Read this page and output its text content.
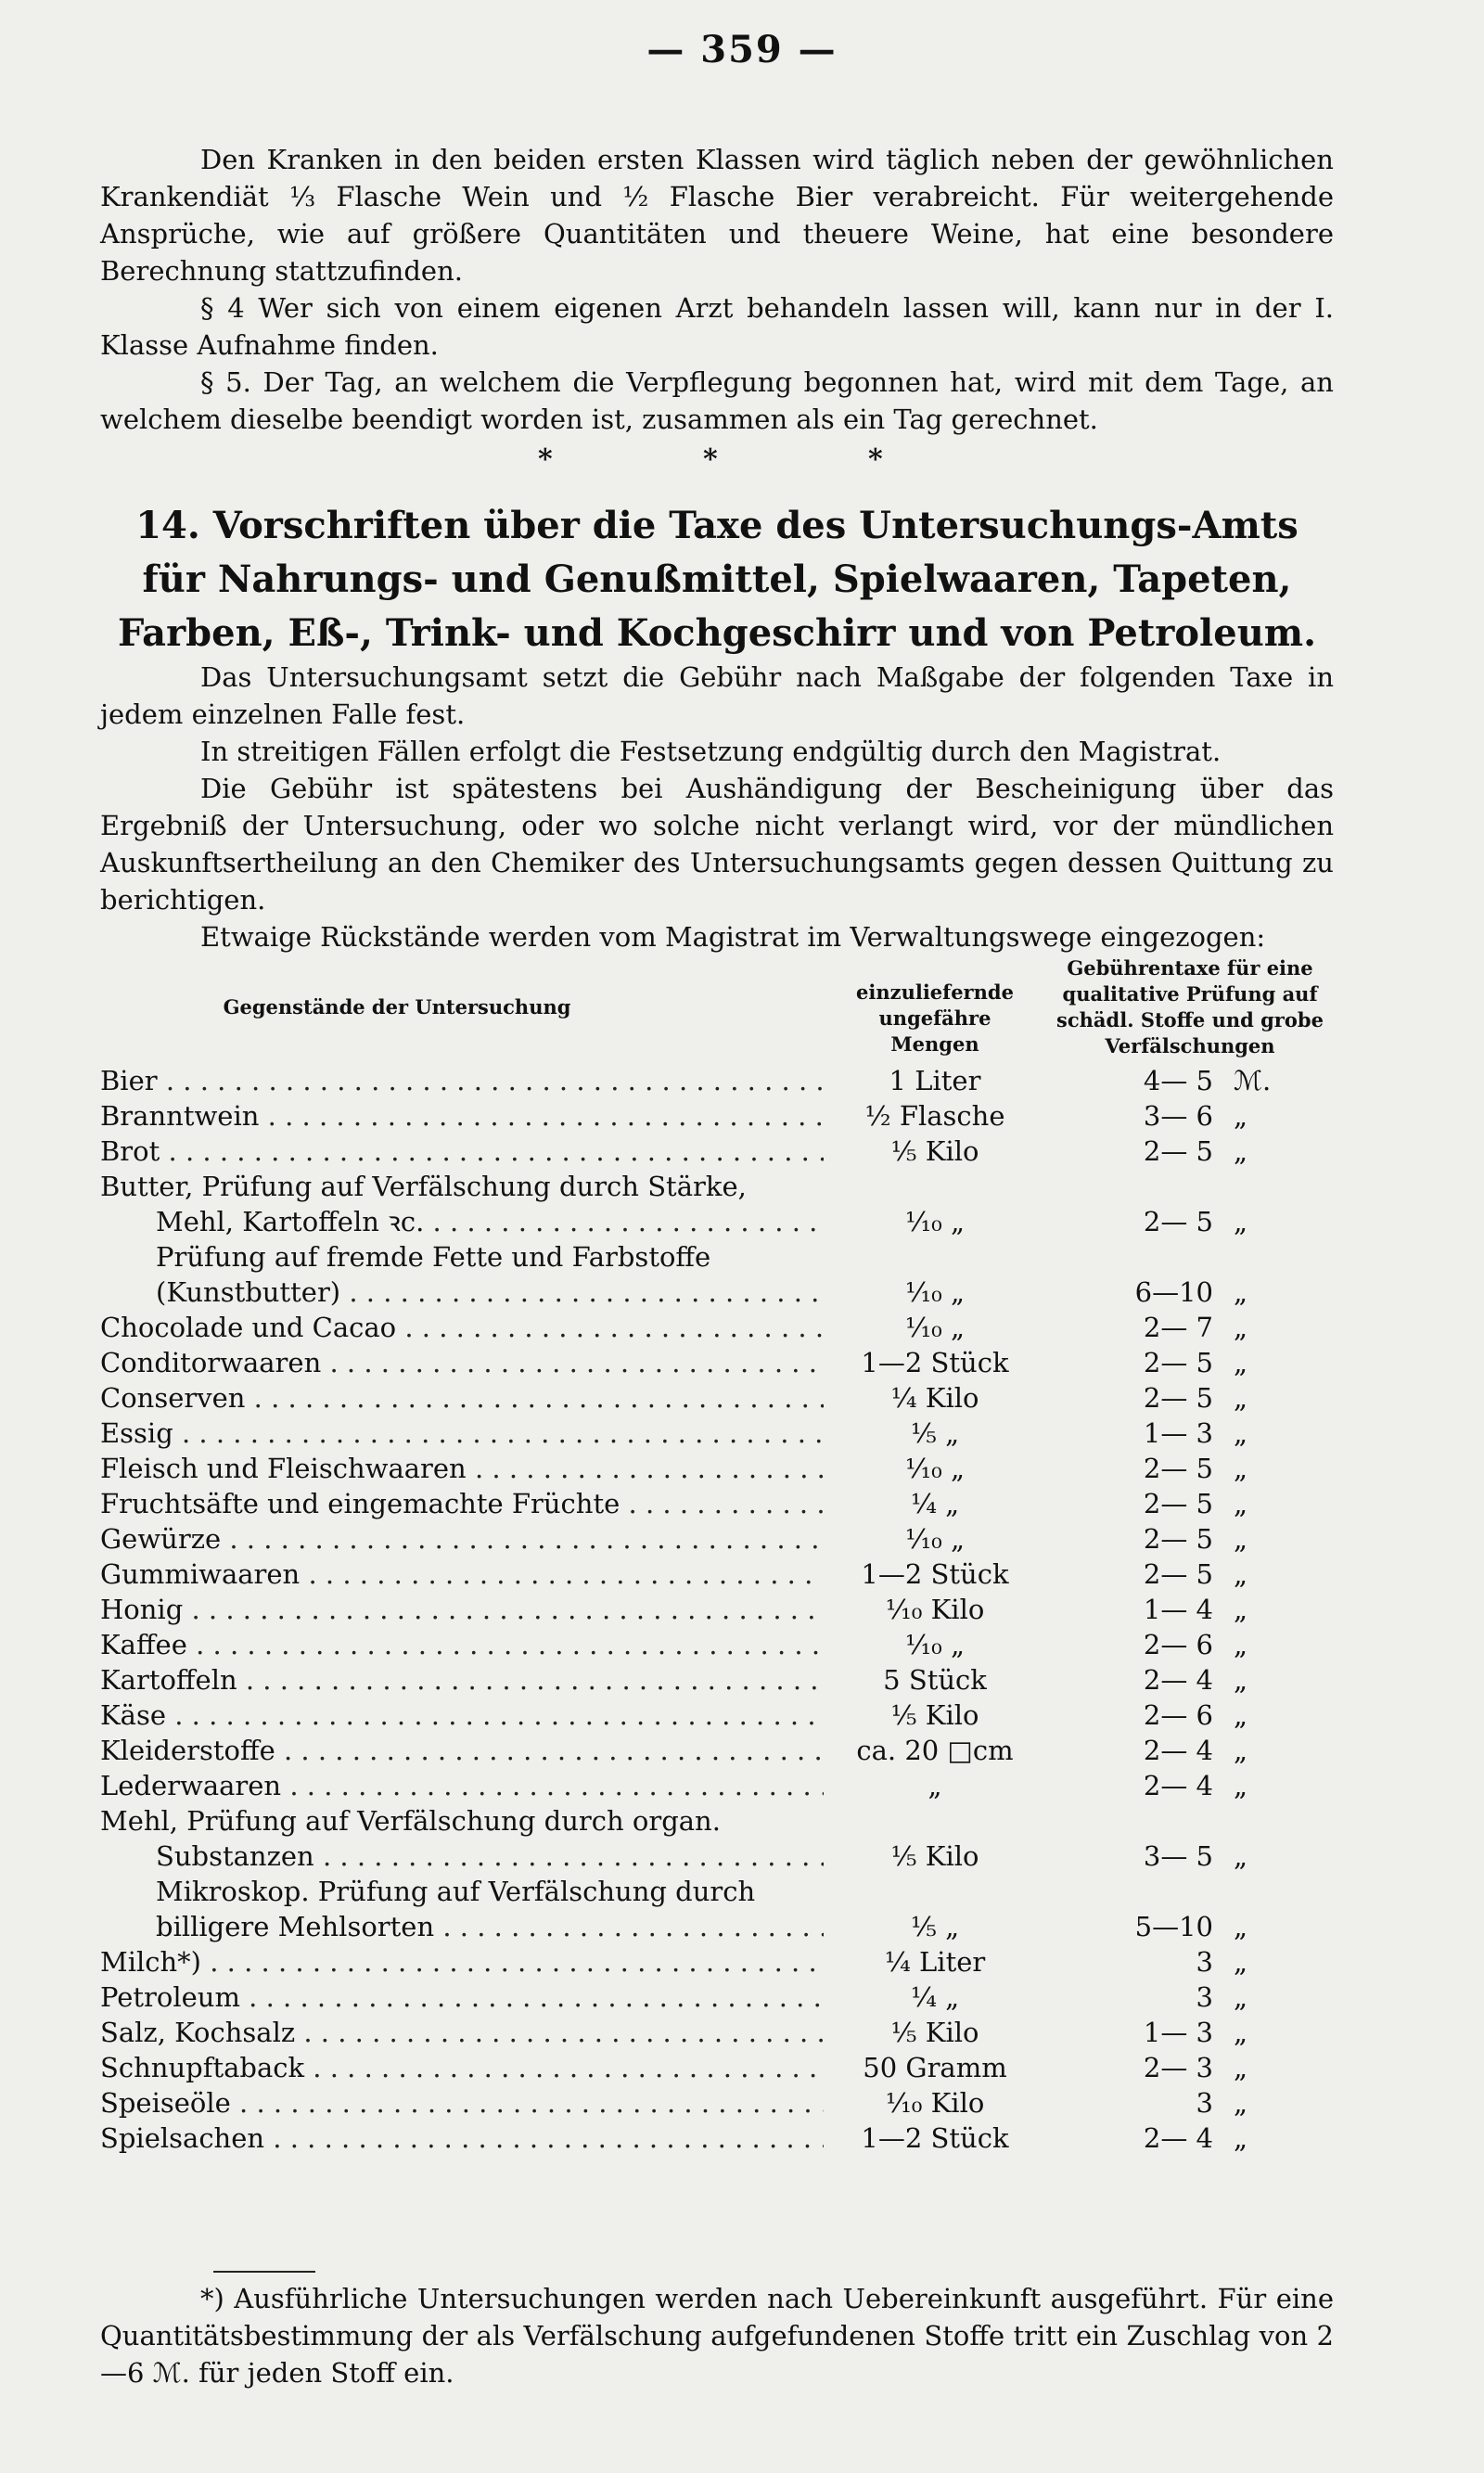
— 359 —

Den Kranken in den beiden ersten Klassen wird täglich neben der gewöhnlichen Krankendiät ⅓ Flasche Wein und ½ Flasche Bier verabreicht. Für weitergehende Ansprüche, wie auf größere Quantitäten und theuere Weine, hat eine besondere Berechnung stattzufinden.

§ 4 Wer sich von einem eigenen Arzt behandeln lassen will, kann nur in der I. Klasse Aufnahme finden.

§ 5. Der Tag, an welchem die Verpflegung begonnen hat, wird mit dem Tage, an welchem dieselbe beendigt worden ist, zusammen als ein Tag gerechnet.

*	*	*
14. Vorschriften über die Taxe des Untersuchungs-Amts für Nahrungs- und Genußmittel, Spielwaaren, Tapeten, Farben, Eß-, Trink- und Kochgeschirr und von Petroleum.

Das Untersuchungsamt setzt die Gebühr nach Maßgabe der folgenden Taxe in jedem einzelnen Falle fest.

In streitigen Fällen erfolgt die Festsetzung endgültig durch den Magistrat.

Die Gebühr ist spätestens bei Aushändigung der Bescheinigung über das Ergebniß der Untersuchung, oder wo solche nicht verlangt wird, vor der mündlichen Auskunftsertheilung an den Chemiker des Untersuchungsamts gegen dessen Quittung zu berichtigen.

Etwaige Rückstände werden vom Magistrat im Verwaltungswege eingezogen:

Gegenstände der Untersuchung
einzuliefernde ungefähre Mengen
Gebührentaxe für eine qualitative Prüfung auf schädl. Stoffe und grobe Verfälschungen
Bier . . .	1 Liter	4— 5 ℳ.
Branntwein . . .	½ Flasche	3— 6 „
Brot . . .	⅕ Kilo	2— 5 „
Butter, Prüfung auf Verfälschung durch Stärke,
Mehl, Kartoffeln ꝛc. . . .	¹⁄₁₀ „	2— 5 „
Prüfung auf fremde Fette und Farbstoffe
(Kunstbutter) . . .	¹⁄₁₀ „	6—10 „
Chocolade und Cacao . . .	¹⁄₁₀ „	2— 7 „
Conditorwaaren . . .	1—2 Stück	2— 5 „
Conserven . . .	¼ Kilo	2— 5 „
Essig . . .	⅕ „	1— 3 „
Fleisch und Fleischwaaren . . .	¹⁄₁₀ „	2— 5 „
Fruchtsäfte und eingemachte Früchte . . .	¼ „	2— 5 „
Gewürze . . .	¹⁄₁₀ „	2— 5 „
Gummiwaaren . . .	1—2 Stück	2— 5 „
Honig . . .	¹⁄₁₀ Kilo	1— 4 „
Kaffee . . .	¹⁄₁₀ „	2— 6 „
Kartoffeln . . .	5 Stück	2— 4 „
Käse . . .	⅕ Kilo	2— 6 „
Kleiderstoffe . . .	ca. 20 □cm	2— 4 „
Lederwaaren . . .	„	2— 4 „
Mehl, Prüfung auf Verfälschung durch organ.
Substanzen . . .	⅕ Kilo	3— 5 „
Mikroskop. Prüfung auf Verfälschung durch
billigere Mehlsorten . . .	⅕ „	5—10 „
Milch*) . . .	¼ Liter	3 „
Petroleum . . .	¼ „	3 „
Salz, Kochsalz . . .	⅕ Kilo	1— 3 „
Schnupftaback . . .	50 Gramm	2— 3 „
Speiseöle . . .	¹⁄₁₀ Kilo	3 „
Spielsachen . . .	1—2 Stück	2— 4 „
*) Ausführliche Untersuchungen werden nach Uebereinkunft ausgeführt. Für eine Quantitätsbestimmung der als Verfälschung aufgefundenen Stoffe tritt ein Zuschlag von 2—6 ℳ. für jeden Stoff ein.
